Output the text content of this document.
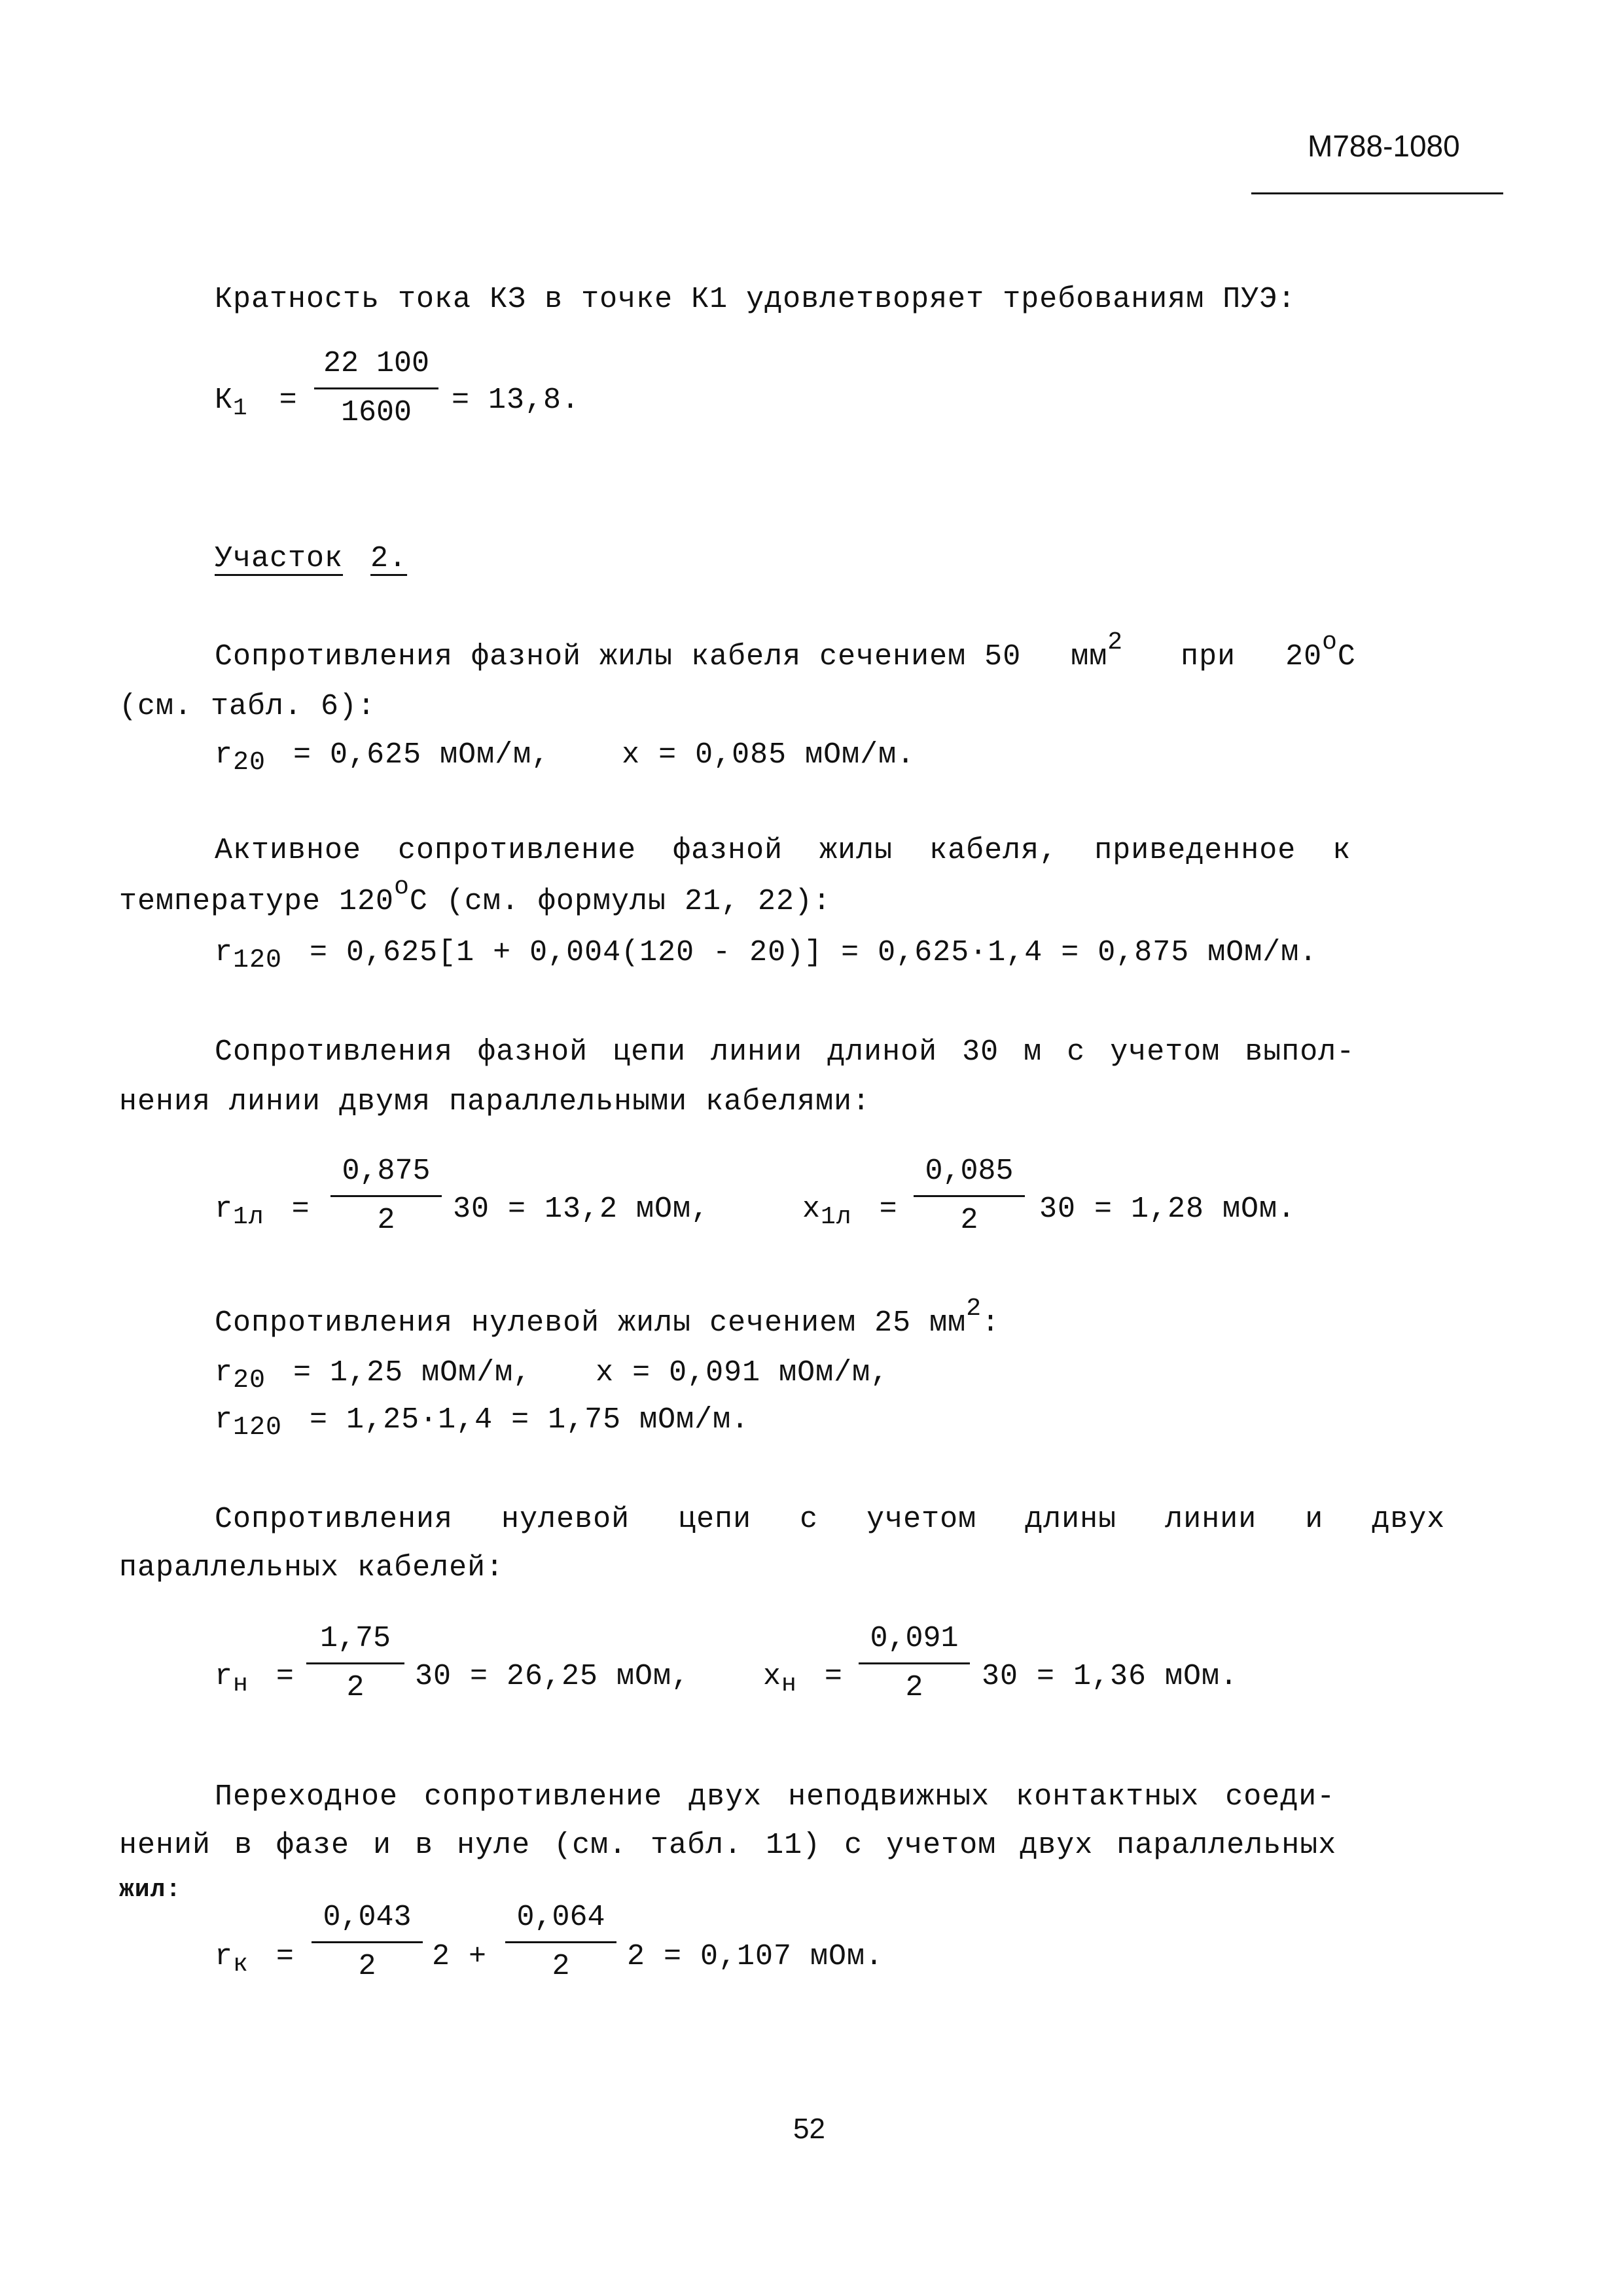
М788-1080
Кратность тока КЗ в точке К1 удовлетворяет требованиям ПУЭ:
$К_1$ =
22 100
1600	= 13,8.
Участок 2.
Сопротивления фазной жилы кабеля сечением 50 $мм^2$ при $20^оС$
(см. табл. 6):
$r_{20} = 0,625$ мОм/м, x = 0,085 мОм/м.
Активное сопротивление фазной жилы кабеля, приведенное к
температуре $120^оС$ (см. формулы 21, 22):
$r_{120} = 0,625[1 + 0,004(120 - 20)] = 0,625\cdot 1,4 = 0,875$ мОм/м.
Сопротивления фазной цепи линии длиной 30 м с учетом выпол-
нения линии двумя параллельными кабелями:
$r_{1л}$ =
0,875
2	30 = 13,2 мОм,	$x_{1л}$ =
0,085
2	30 = 1,28 мОм.
Сопротивления нулевой жилы сечением 25 $мм^2$:
$r_{20} = 1,25$ мОм/м, x = 0,091 мОм/м,
$r_{120} = 1,25\cdot 1,4 = 1,75$ мОм/м.
Сопротивления нулевой цепи с учетом длины линии и двух
параллельных кабелей:
$r_н$ =
1,75
2	30 = 26,25 мОм, $x_н$ =
0,091
2	30 = 1,36 мОм.
Переходное сопротивление двух неподвижных контактных соеди-
нений в фазе и в нуле (см. табл. 11) с учетом двух параллельных
жил:
$r_к$ =
0,043
2	2 +
0,064
2	2 = 0,107 мОм.
52
